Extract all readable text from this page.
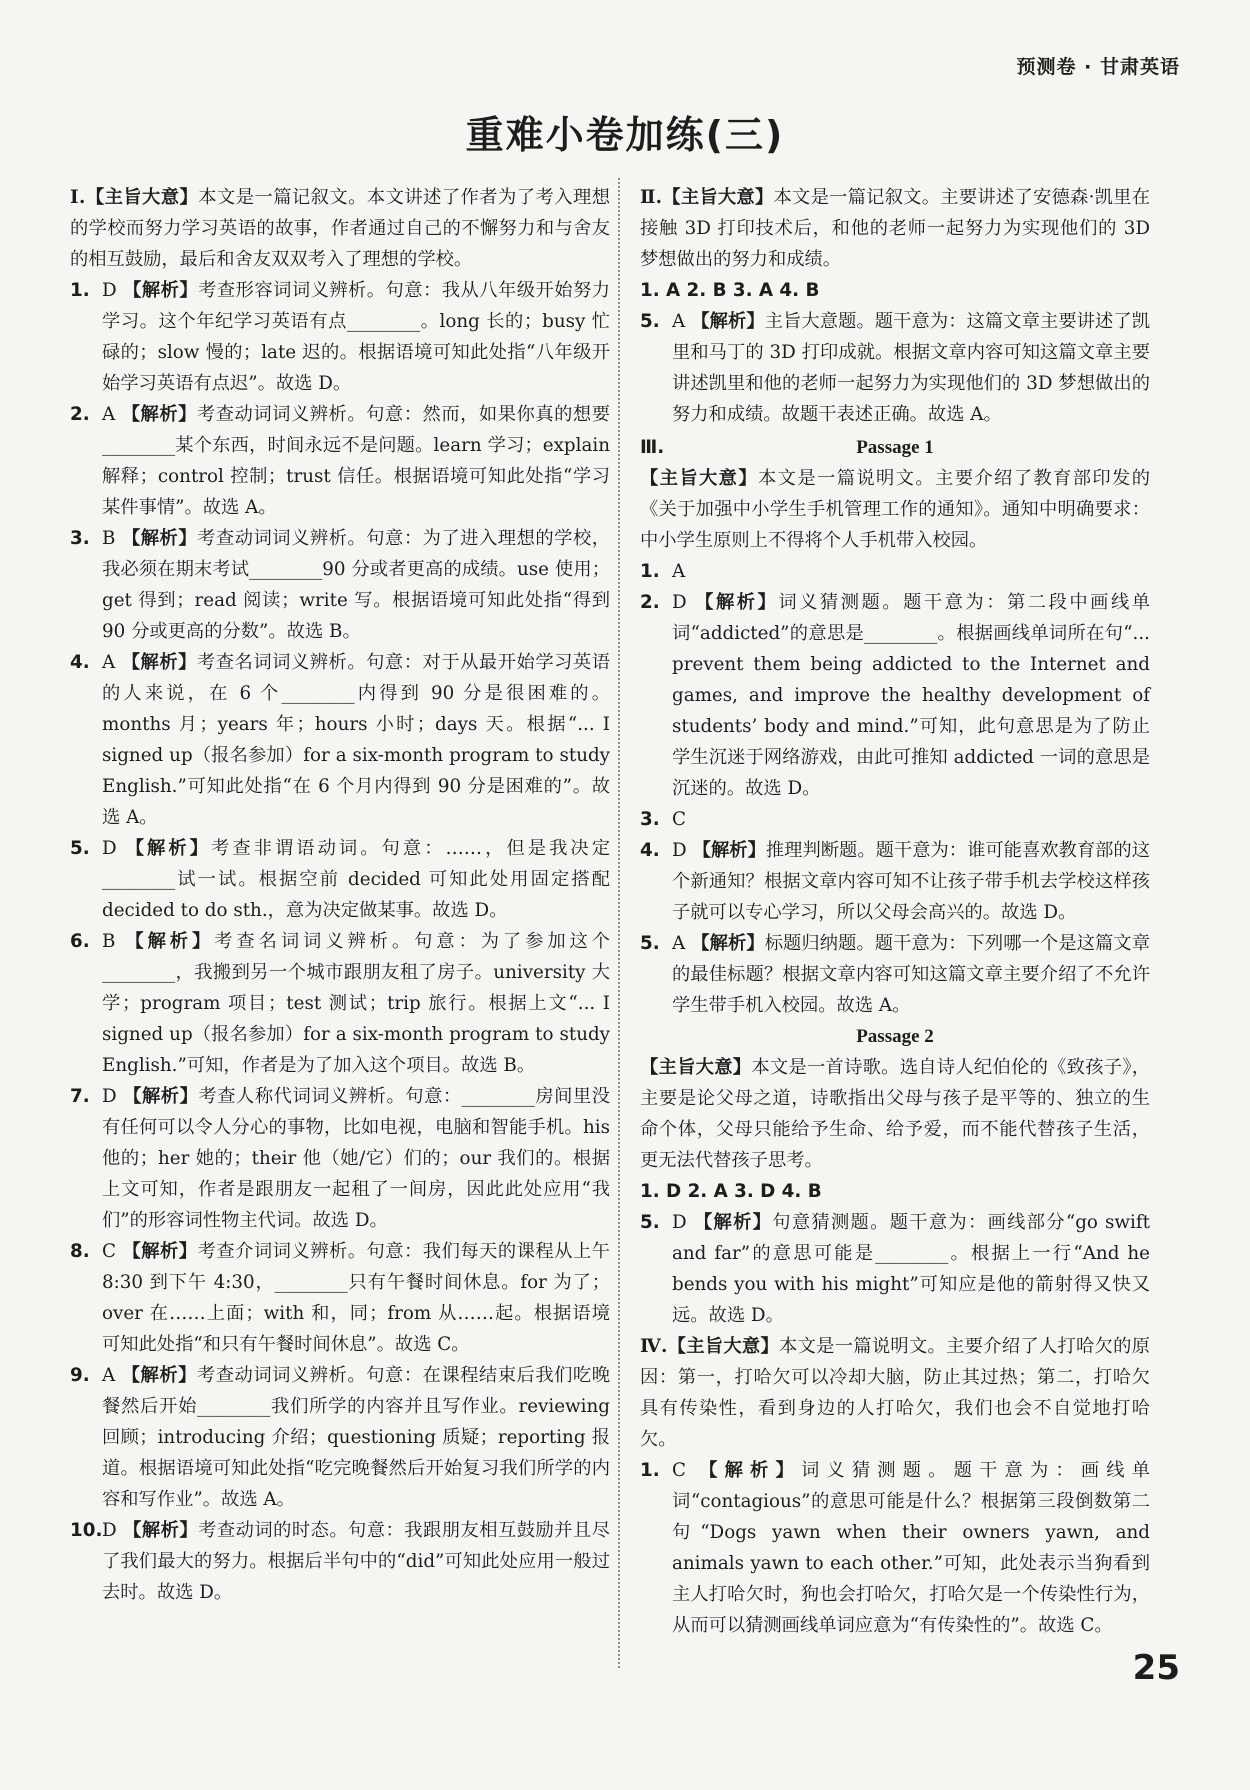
预测卷 · 甘肃英语
重难小卷加练(三)
Ⅰ.【主旨大意】本文是一篇记叙文。本文讲述了作者为了考入理想的学校而努力学习英语的故事，作者通过自己的不懈努力和与舍友的相互鼓励，最后和舍友双双考入了理想的学校。
1. D 【解析】考查形容词词义辨析。句意：我从八年级开始努力学习。这个年纪学习英语有点________。long 长的；busy 忙碌的；slow 慢的；late 迟的。根据语境可知此处指“八年级开始学习英语有点迟”。故选 D。
2. A 【解析】考查动词词义辨析。句意：然而，如果你真的想要________某个东西，时间永远不是问题。learn 学习；explain 解释；control 控制；trust 信任。根据语境可知此处指“学习某件事情”。故选 A。
3. B 【解析】考查动词词义辨析。句意：为了进入理想的学校，我必须在期末考试________90 分或者更高的成绩。use 使用；get 得到；read 阅读；write 写。根据语境可知此处指“得到 90 分或更高的分数”。故选 B。
4. A 【解析】考查名词词义辨析。句意：对于从最开始学习英语的人来说，在 6 个________内得到 90 分是很困难的。months 月；years 年；hours 小时；days 天。根据“... I signed up（报名参加）for a six-month program to study English.”可知此处指“在 6 个月内得到 90 分是困难的”。故选 A。
5. D 【解析】考查非谓语动词。句意：……，但是我决定________试一试。根据空前 decided 可知此处用固定搭配 decided to do sth.，意为决定做某事。故选 D。
6. B 【解析】考查名词词义辨析。句意：为了参加这个________，我搬到另一个城市跟朋友租了房子。university 大学；program 项目；test 测试；trip 旅行。根据上文“... I signed up（报名参加）for a six-month program to study English.”可知，作者是为了加入这个项目。故选 B。
7. D 【解析】考查人称代词词义辨析。句意：________房间里没有任何可以令人分心的事物，比如电视，电脑和智能手机。his 他的；her 她的；their 他（她/它）们的；our 我们的。根据上文可知，作者是跟朋友一起租了一间房，因此此处应用“我们”的形容词性物主代词。故选 D。
8. C 【解析】考查介词词义辨析。句意：我们每天的课程从上午 8:30 到下午 4:30，________只有午餐时间休息。for 为了；over 在……上面；with 和，同；from 从……起。根据语境可知此处指“和只有午餐时间休息”。故选 C。
9. A 【解析】考查动词词义辨析。句意：在课程结束后我们吃晚餐然后开始________我们所学的内容并且写作业。reviewing 回顾；introducing 介绍；questioning 质疑；reporting 报道。根据语境可知此处指“吃完晚餐然后开始复习我们所学的内容和写作业”。故选 A。
10. D 【解析】考查动词的时态。句意：我跟朋友相互鼓励并且尽了我们最大的努力。根据后半句中的“did”可知此处应用一般过去时。故选 D。
Ⅱ.【主旨大意】本文是一篇记叙文。主要讲述了安德森·凯里在接触 3D 打印技术后，和他的老师一起努力为实现他们的 3D 梦想做出的努力和成绩。
1. A 2. B 3. A 4. B
5. A 【解析】主旨大意题。题干意为：这篇文章主要讲述了凯里和马丁的 3D 打印成就。根据文章内容可知这篇文章主要讲述凯里和他的老师一起努力为实现他们的 3D 梦想做出的努力和成绩。故题干表述正确。故选 A。
Ⅲ.	Passage 1
【主旨大意】本文是一篇说明文。主要介绍了教育部印发的《关于加强中小学生手机管理工作的通知》。通知中明确要求：中小学生原则上不得将个人手机带入校园。
1. A
2. D 【解析】词义猜测题。题干意为：第二段中画线单词“addicted”的意思是________。根据画线单词所在句“... prevent them being addicted to the Internet and games, and improve the healthy development of students’ body and mind.”可知，此句意思是为了防止学生沉迷于网络游戏，由此可推知 addicted 一词的意思是沉迷的。故选 D。
3. C
4. D 【解析】推理判断题。题干意为：谁可能喜欢教育部的这个新通知？根据文章内容可知不让孩子带手机去学校这样孩子就可以专心学习，所以父母会高兴的。故选 D。
5. A 【解析】标题归纳题。题干意为：下列哪一个是这篇文章的最佳标题？根据文章内容可知这篇文章主要介绍了不允许学生带手机入校园。故选 A。
Passage 2
【主旨大意】本文是一首诗歌。选自诗人纪伯伦的《致孩子》，主要是论父母之道，诗歌指出父母与孩子是平等的、独立的生命个体，父母只能给予生命、给予爱，而不能代替孩子生活，更无法代替孩子思考。
1. D 2. A 3. D 4. B
5. D 【解析】句意猜测题。题干意为：画线部分“go swift and far”的意思可能是________。根据上一行“And he bends you with his might”可知应是他的箭射得又快又远。故选 D。
Ⅳ.【主旨大意】本文是一篇说明文。主要介绍了人打哈欠的原因：第一，打哈欠可以冷却大脑，防止其过热；第二，打哈欠具有传染性，看到身边的人打哈欠，我们也会不自觉地打哈欠。
1. C 【解析】词义猜测题。题干意为：画线单词“contagious”的意思可能是什么？根据第三段倒数第二句“Dogs yawn when their owners yawn, and animals yawn to each other.”可知，此处表示当狗看到主人打哈欠时，狗也会打哈欠，打哈欠是一个传染性行为，从而可以猜测画线单词应意为“有传染性的”。故选 C。
25
